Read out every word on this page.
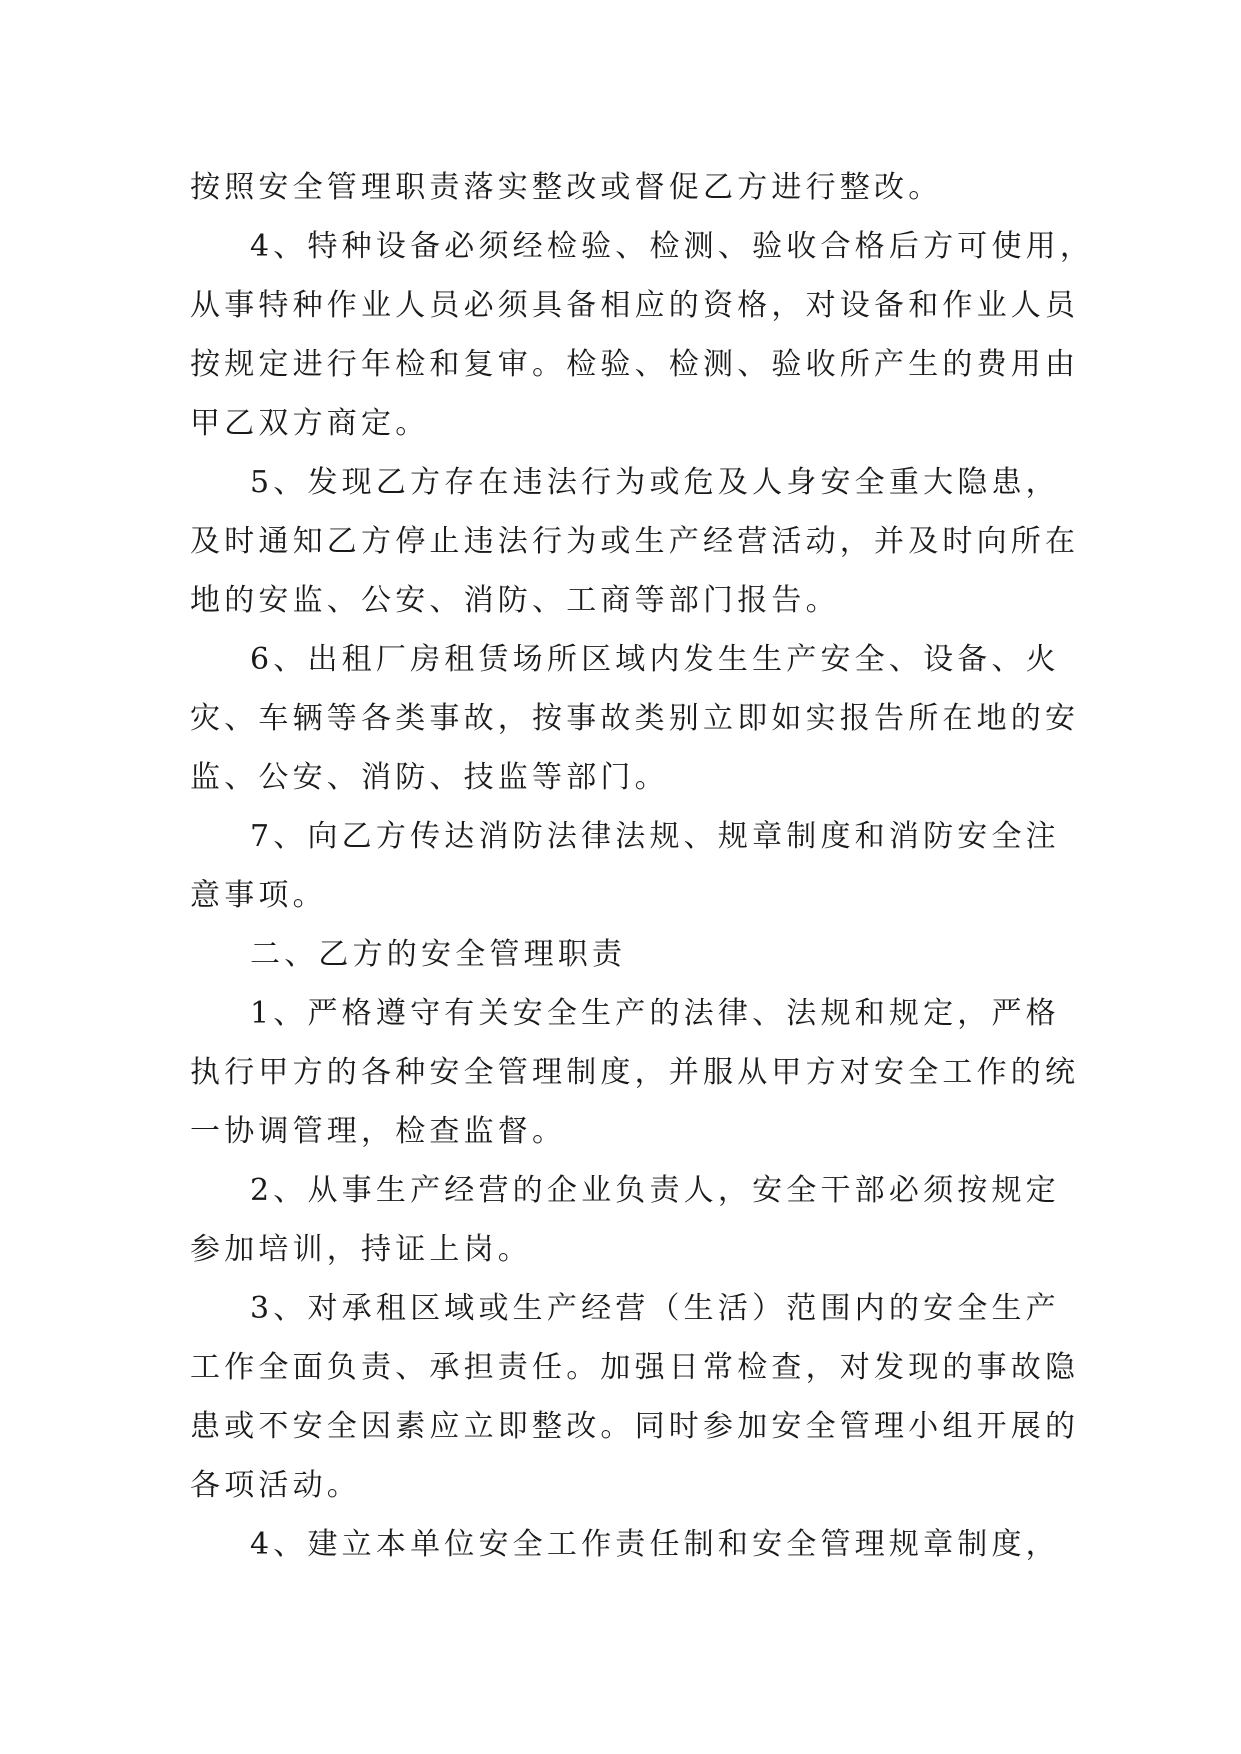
按照安全管理职责落实整改或督促乙方进行整改。
4、特种设备必须经检验、检测、验收合格后方可使用，
从事特种作业人员必须具备相应的资格，对设备和作业人员
按规定进行年检和复审。检验、检测、验收所产生的费用由
甲乙双方商定。
5、发现乙方存在违法行为或危及人身安全重大隐患，
及时通知乙方停止违法行为或生产经营活动，并及时向所在
地的安监、公安、消防、工商等部门报告。
6、出租厂房租赁场所区域内发生生产安全、设备、火
灾、车辆等各类事故，按事故类别立即如实报告所在地的安
监、公安、消防、技监等部门。
7、向乙方传达消防法律法规、规章制度和消防安全注
意事项。
二、乙方的安全管理职责
1、严格遵守有关安全生产的法律、法规和规定，严格
执行甲方的各种安全管理制度，并服从甲方对安全工作的统
一协调管理，检查监督。
2、从事生产经营的企业负责人，安全干部必须按规定
参加培训，持证上岗。
3、对承租区域或生产经营（生活）范围内的安全生产
工作全面负责、承担责任。加强日常检查，对发现的事故隐
患或不安全因素应立即整改。同时参加安全管理小组开展的
各项活动。
4、建立本单位安全工作责任制和安全管理规章制度，
